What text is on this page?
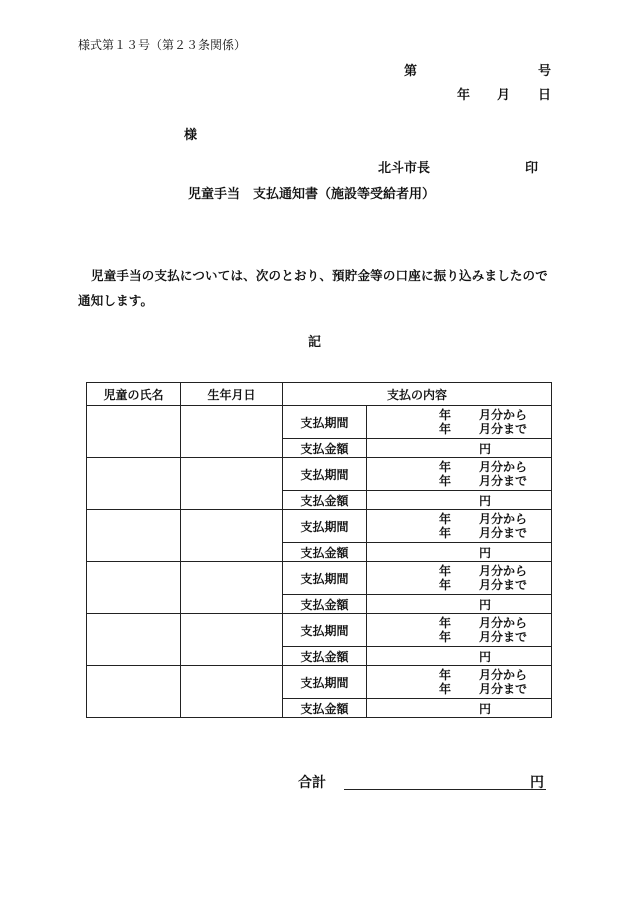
様式第１３号（第２３条関係）
第	号
年 月 日
様
北斗市長	印
児童手当　支払通知書（施設等受給者用）
児童手当の支払については、次のとおり、預貯金等の口座に振り込みましたので通知します。
記
児童の氏名	生年月日	支払の内容	
		支払期間	年 月分から
年 月分まで

		支払金額	円
		支払期間	年 月分から
年 月分まで

		支払金額	円
		支払期間	年 月分から
年 月分まで

		支払金額	円
		支払期間	年 月分から
年 月分まで

		支払金額	円
		支払期間	年 月分から
年 月分まで

		支払金額	円
		支払期間	年 月分から
年 月分まで

		支払金額	円
合計	円
